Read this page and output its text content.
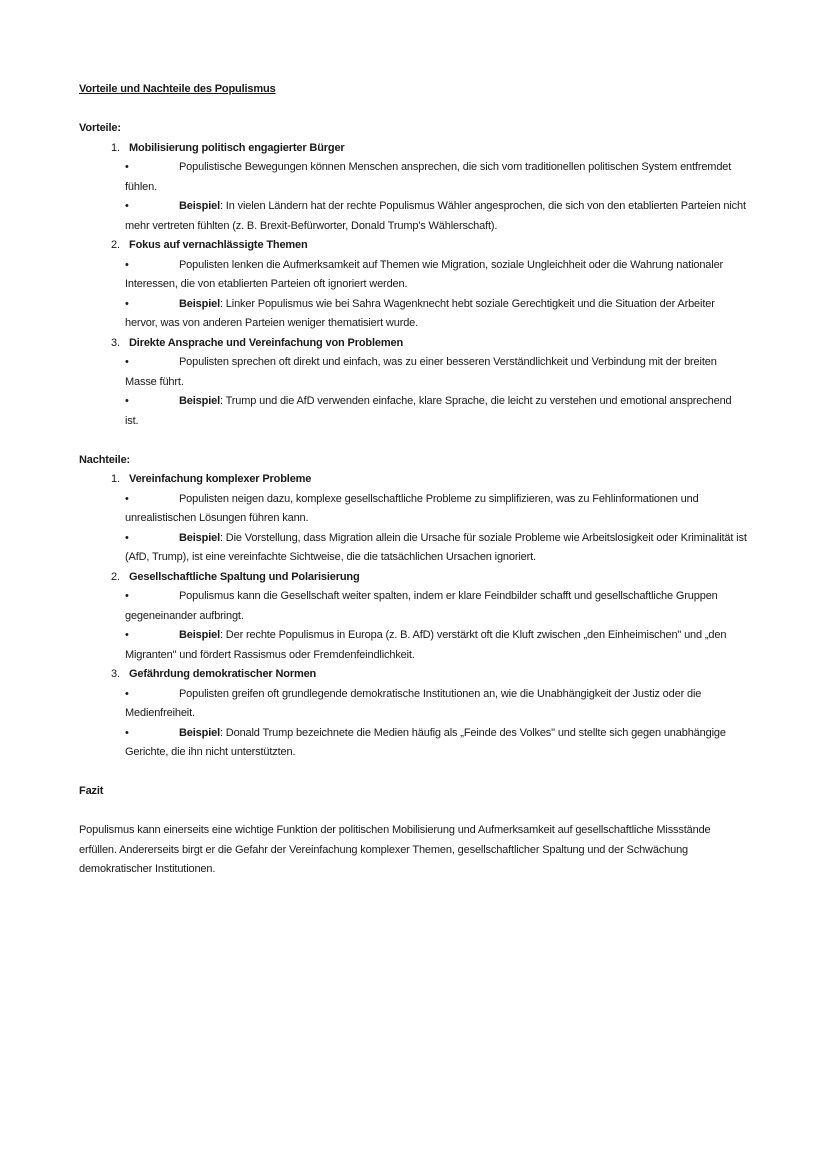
Vorteile und Nachteile des Populismus

Vorteile:

1. Mobilisierung politisch engagierter Bürger
•	Populistische Bewegungen können Menschen ansprechen, die sich vom traditionellen politischen System entfremdet fühlen.
•	Beispiel: In vielen Ländern hat der rechte Populismus Wähler angesprochen, die sich von den etablierten Parteien nicht mehr vertreten fühlten (z. B. Brexit-Befürworter, Donald Trump's Wählerschaft).
2. Fokus auf vernachlässigte Themen
•	Populisten lenken die Aufmerksamkeit auf Themen wie Migration, soziale Ungleichheit oder die Wahrung nationaler Interessen, die von etablierten Parteien oft ignoriert werden.
•	Beispiel: Linker Populismus wie bei Sahra Wagenknecht hebt soziale Gerechtigkeit und die Situation der Arbeiter hervor, was von anderen Parteien weniger thematisiert wurde.
3. Direkte Ansprache und Vereinfachung von Problemen
•	Populisten sprechen oft direkt und einfach, was zu einer besseren Verständlichkeit und Verbindung mit der breiten Masse führt.
•	Beispiel: Trump und die AfD verwenden einfache, klare Sprache, die leicht zu verstehen und emotional ansprechend ist.

Nachteile:

1. Vereinfachung komplexer Probleme
•	Populisten neigen dazu, komplexe gesellschaftliche Probleme zu simplifizieren, was zu Fehlinformationen und unrealistischen Lösungen führen kann.
•	Beispiel: Die Vorstellung, dass Migration allein die Ursache für soziale Probleme wie Arbeitslosigkeit oder Kriminalität ist (AfD, Trump), ist eine vereinfachte Sichtweise, die die tatsächlichen Ursachen ignoriert.
2. Gesellschaftliche Spaltung und Polarisierung
•	Populismus kann die Gesellschaft weiter spalten, indem er klare Feindbilder schafft und gesellschaftliche Gruppen gegeneinander aufbringt.
•	Beispiel: Der rechte Populismus in Europa (z. B. AfD) verstärkt oft die Kluft zwischen „den Einheimischen" und „den Migranten" und fördert Rassismus oder Fremdenfeindlichkeit.
3. Gefährdung demokratischer Normen
•	Populisten greifen oft grundlegende demokratische Institutionen an, wie die Unabhängigkeit der Justiz oder die Medienfreiheit.
•	Beispiel: Donald Trump bezeichnete die Medien häufig als „Feinde des Volkes" und stellte sich gegen unabhängige Gerichte, die ihn nicht unterstützten.

Fazit

Populismus kann einerseits eine wichtige Funktion der politischen Mobilisierung und Aufmerksamkeit auf gesellschaftliche Missstände erfüllen. Andererseits birgt er die Gefahr der Vereinfachung komplexer Themen, gesellschaftlicher Spaltung und der Schwächung demokratischer Institutionen.
